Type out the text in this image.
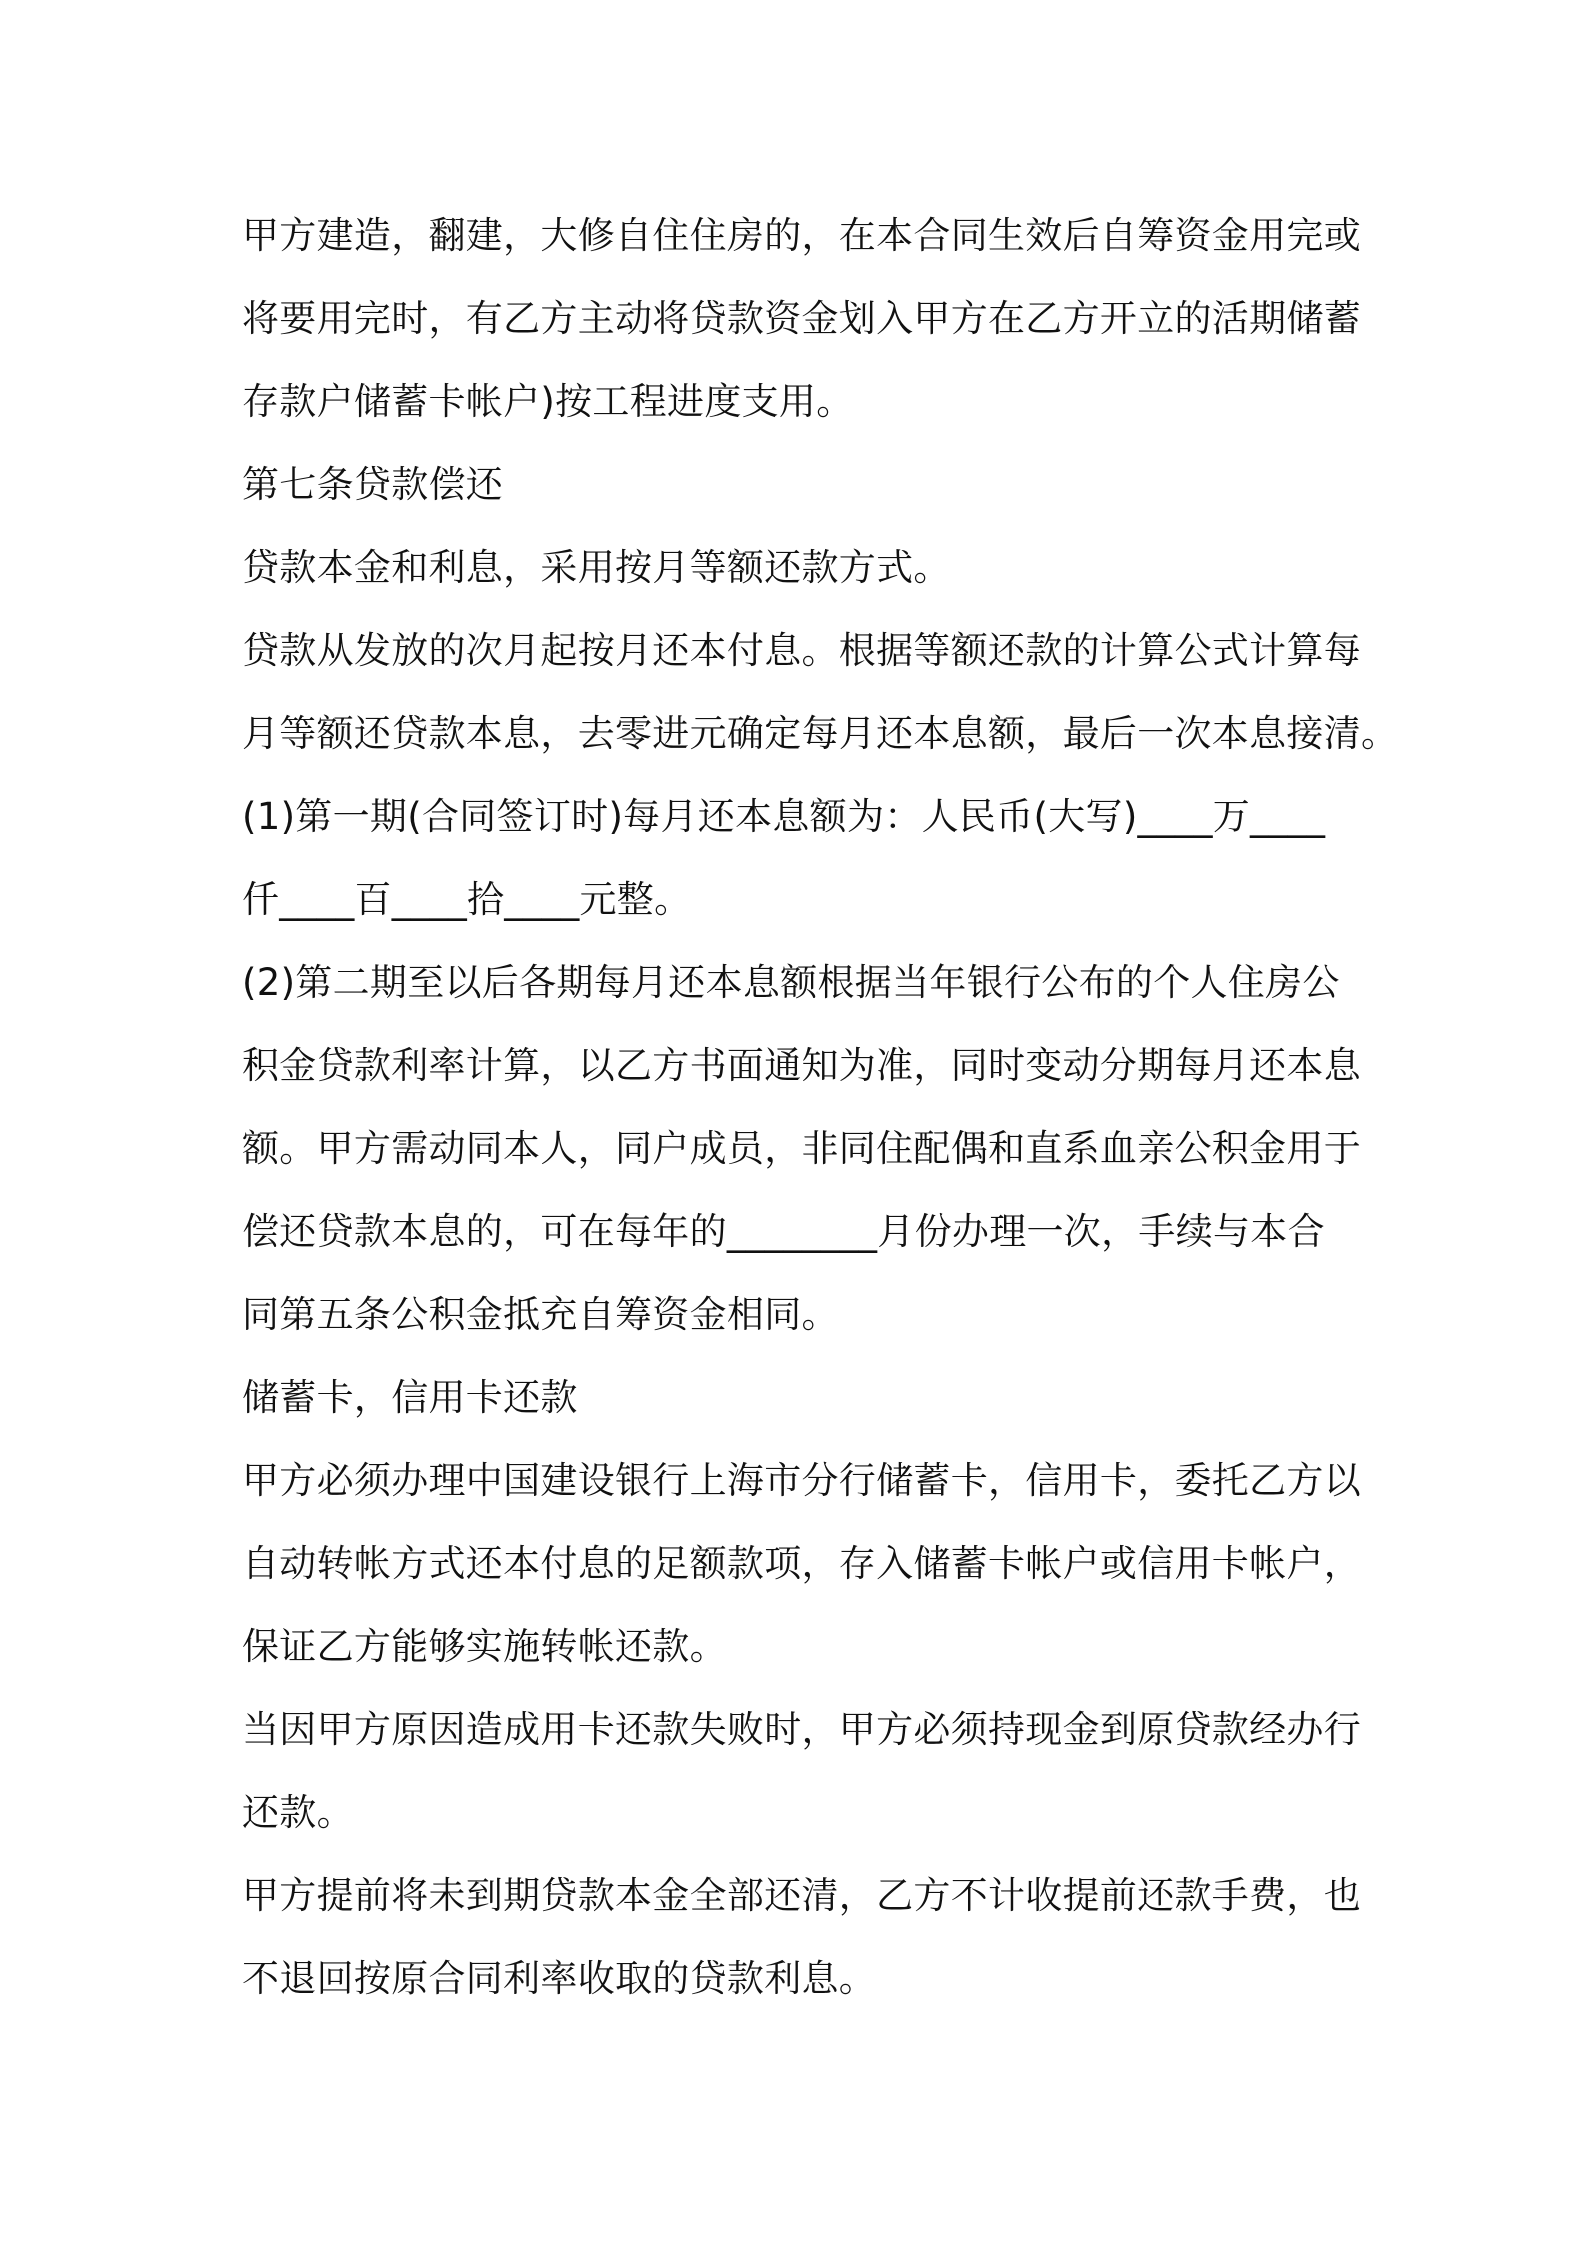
甲方建造，翻建，大修自住住房的，在本合同生效后自筹资金用完或
将要用完时，有乙方主动将贷款资金划入甲方在乙方开立的活期储蓄
存款户储蓄卡帐户)按工程进度支用。

第七条贷款偿还

贷款本金和利息，采用按月等额还款方式。

贷款从发放的次月起按月还本付息。根据等额还款的计算公式计算每
月等额还贷款本息，去零进元确定每月还本息额，最后一次本息接清。

(1)第一期(合同签订时)每月还本息额为：人民币(大写)____万____
仟____百____拾____元整。

(2)第二期至以后各期每月还本息额根据当年银行公布的个人住房公
积金贷款利率计算，以乙方书面通知为准，同时变动分期每月还本息
额。甲方需动同本人，同户成员，非同住配偶和直系血亲公积金用于
偿还贷款本息的，可在每年的________月份办理一次，手续与本合
同第五条公积金抵充自筹资金相同。

储蓄卡，信用卡还款

甲方必须办理中国建设银行上海市分行储蓄卡，信用卡，委托乙方以
自动转帐方式还本付息的足额款项，存入储蓄卡帐户或信用卡帐户，
保证乙方能够实施转帐还款。

当因甲方原因造成用卡还款失败时，甲方必须持现金到原贷款经办行
还款。

甲方提前将未到期贷款本金全部还清，乙方不计收提前还款手费，也
不退回按原合同利率收取的贷款利息。
